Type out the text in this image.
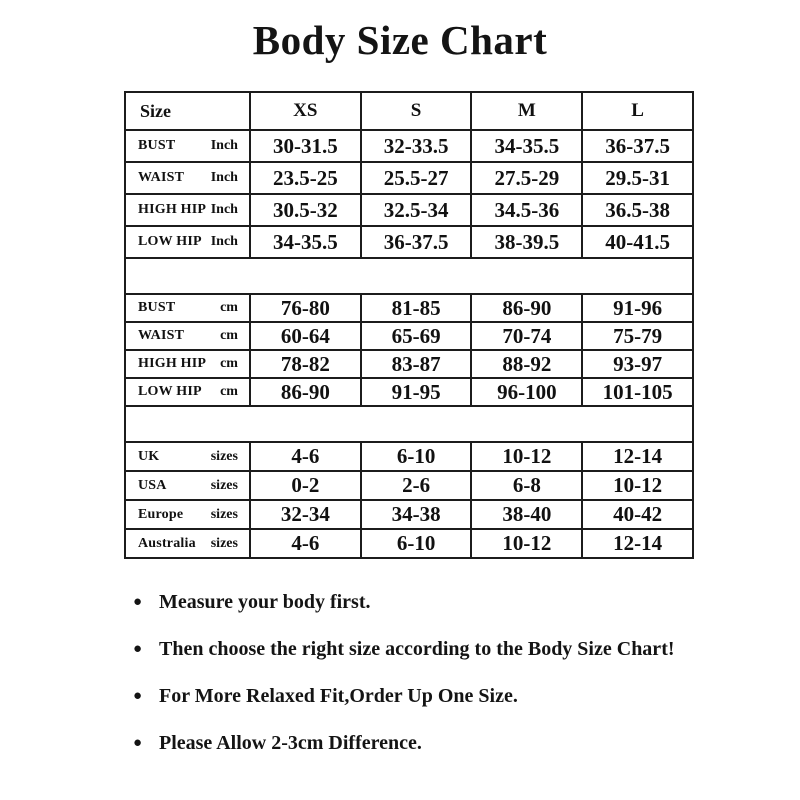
Body Size Chart
Size	XS	S	M	L

BUST Inch	30-31.5	32-33.5	34-35.5	36-37.5

WAIST Inch	23.5-25	25.5-27	27.5-29	29.5-31

HIGH HIP Inch	30.5-32	32.5-34	34.5-36	36.5-38

LOW HIP Inch	34-35.5	36-37.5	38-39.5	40-41.5

BUST cm	76-80	81-85	86-90	91-96

WAIST cm	60-64	65-69	70-74	75-79

HIGH HIP cm	78-82	83-87	88-92	93-97

LOW HIP cm	86-90	91-95	96-100	101-105

UK sizes	4-6	6-10	10-12	12-14

USA sizes	0-2	2-6	6-8	10-12

Europe sizes	32-34	34-38	38-40	40-42

Australia sizes	4-6	6-10	10-12	12-14
● Measure your body first.
● Then choose the right size according to the Body Size Chart!
● For More Relaxed Fit,Order Up One Size.
● Please Allow 2-3cm Difference.
